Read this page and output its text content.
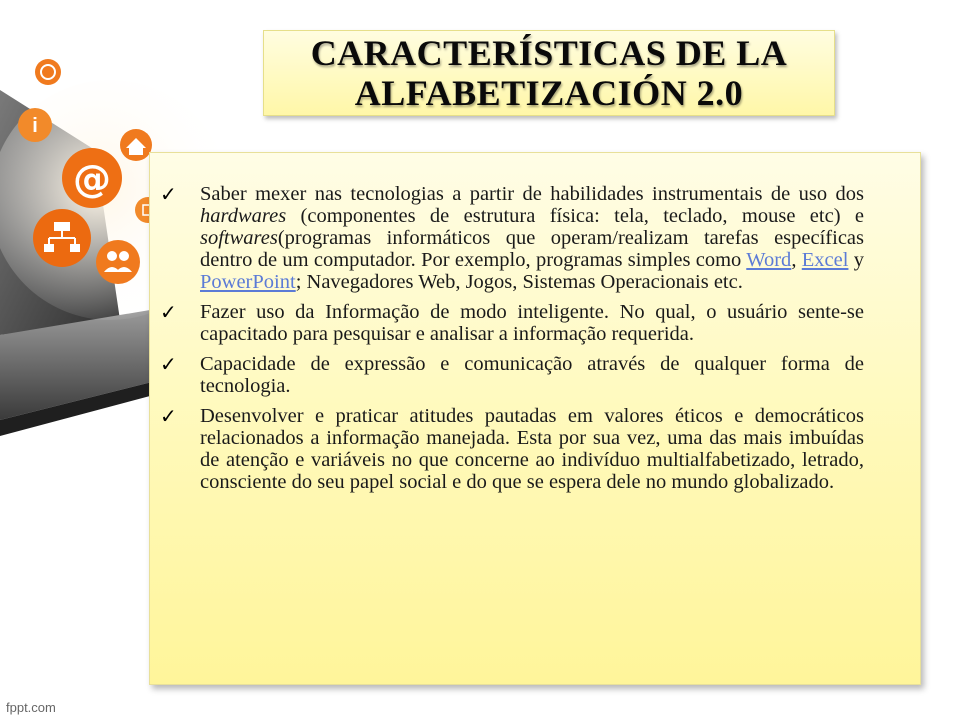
i
@
CARACTERÍSTICAS DE LA
ALFABETIZACIÓN 2.0
✓ Saber mexer nas tecnologias a partir de habilidades instrumentais de uso dos hardwares (componentes de estrutura física: tela, teclado, mouse etc) e softwares(programas informáticos que operam/realizam tarefas específicas dentro de um computador. Por exemplo, programas simples como Word, Excel y PowerPoint; Navegadores Web, Jogos, Sistemas Operacionais etc.
✓ Fazer uso da Informação de modo inteligente. No qual, o usuário sente-se capacitado para pesquisar e analisar a informação requerida.
✓ Capacidade de expressão e comunicação através de qualquer forma de tecnologia.
✓ Desenvolver e praticar atitudes pautadas em valores éticos e democráticos relacionados a informação manejada. Esta por sua vez, uma das mais imbuídas de atenção e variáveis no que concerne ao indivíduo multialfabetizado, letrado, consciente do seu papel social e do que se espera dele no mundo globalizado.
fppt.com
